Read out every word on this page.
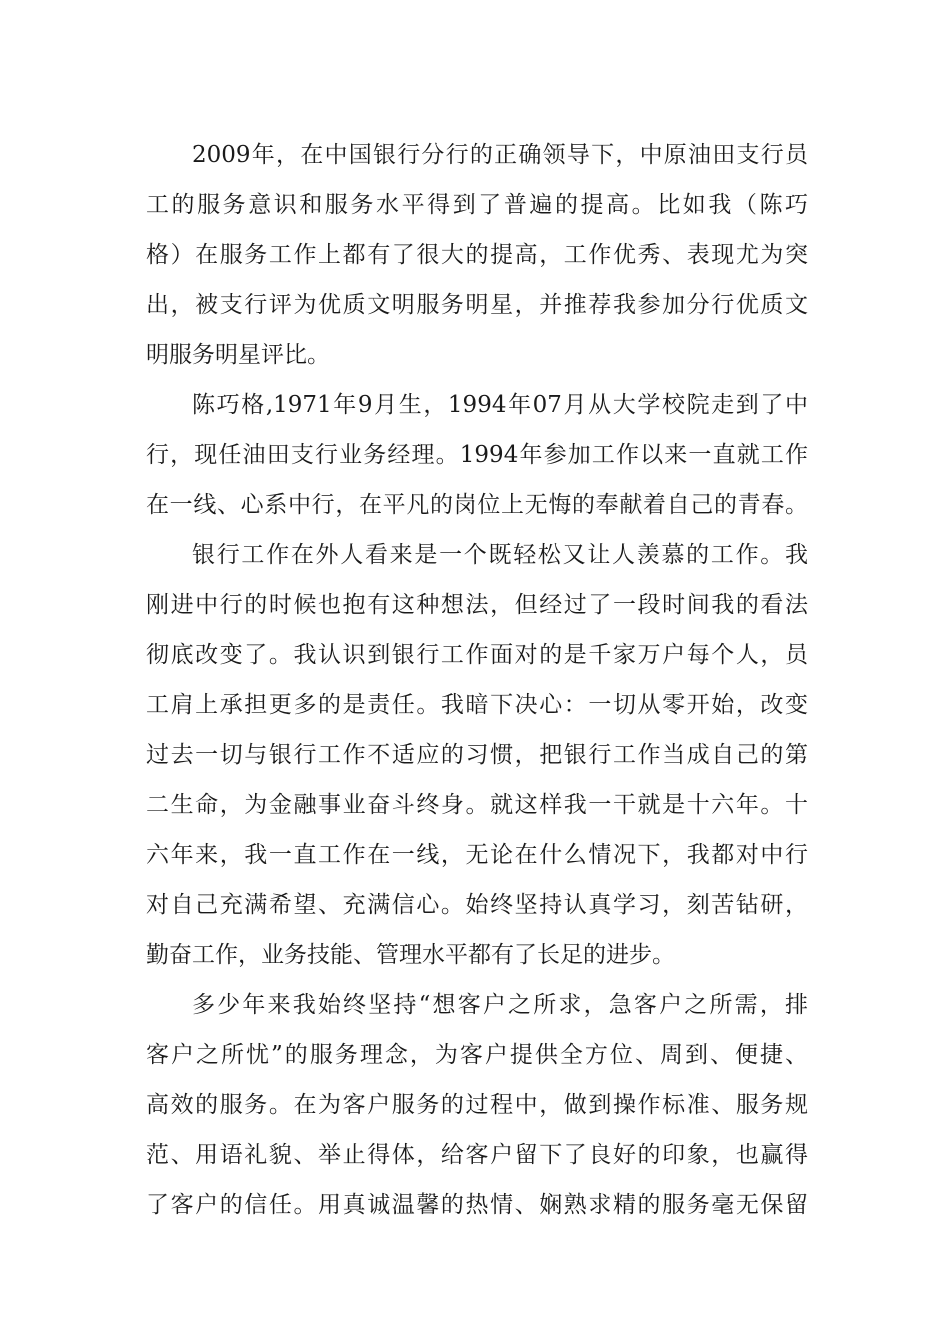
2009年，在中国银行分行的正确领导下，中原油田支行员
工的服务意识和服务水平得到了普遍的提高。比如我（陈巧
格）在服务工作上都有了很大的提高，工作优秀、表现尤为突
出，被支行评为优质文明服务明星，并推荐我参加分行优质文
明服务明星评比。
陈巧格,1971年9月生，1994年07月从大学校院走到了中
行，现任油田支行业务经理。1994年参加工作以来一直就工作
在一线、心系中行，在平凡的岗位上无悔的奉献着自己的青春。
银行工作在外人看来是一个既轻松又让人羡慕的工作。我
刚进中行的时候也抱有这种想法，但经过了一段时间我的看法
彻底改变了。我认识到银行工作面对的是千家万户每个人，员
工肩上承担更多的是责任。我暗下决心：一切从零开始，改变
过去一切与银行工作不适应的习惯，把银行工作当成自己的第
二生命，为金融事业奋斗终身。就这样我一干就是十六年。十
六年来，我一直工作在一线，无论在什么情况下，我都对中行
对自己充满希望、充满信心。始终坚持认真学习，刻苦钻研，
勤奋工作，业务技能、管理水平都有了长足的进步。
多少年来我始终坚持“想客户之所求，急客户之所需，排
客户之所忧”的服务理念，为客户提供全方位、周到、便捷、
高效的服务。在为客户服务的过程中，做到操作标准、服务规
范、用语礼貌、举止得体，给客户留下了良好的印象，也赢得
了客户的信任。用真诚温馨的热情、娴熟求精的服务毫无保留
